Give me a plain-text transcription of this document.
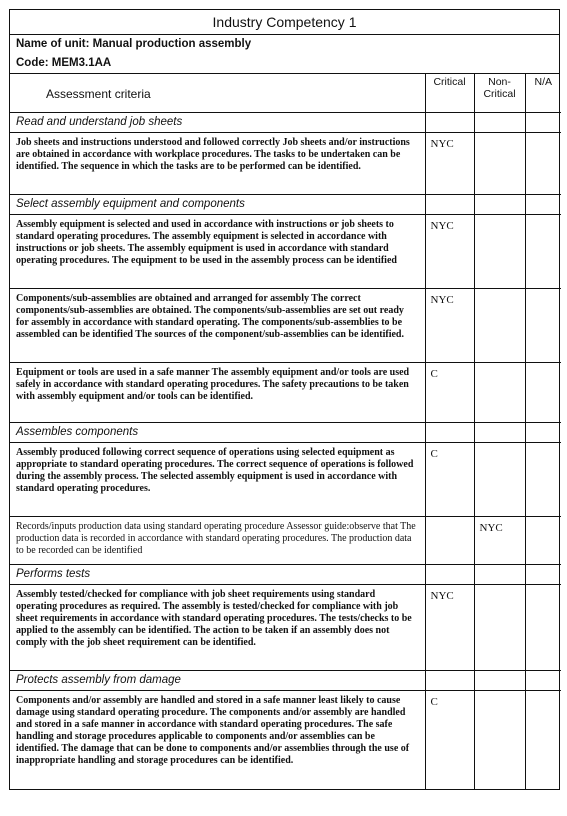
Industry Competency 1
Name of unit: Manual production assembly
Code: MEM3.1AA
Assessment criteria	Critical	Non-Critical	N/A
Read and understand job sheets			
Job sheets and instructions understood and followed correctly Job sheets and/or instructions are obtained in accordance with workplace procedures. The tasks to be undertaken can be identified. The sequence in which the tasks are to be performed can be identified.	NYC		
Select assembly equipment and components			
Assembly equipment is selected and used in accordance with instructions or job sheets to standard operating procedures. The assembly equipment is selected in accordance with instructions or job sheets. The assembly equipment is used in accordance with standard operating procedures. The equipment to be used in the assembly process can be identified	NYC		
Components/sub-assemblies are obtained and arranged for assembly The correct components/sub-assemblies are obtained. The components/sub-assemblies are set out ready for assembly in accordance with standard operating. The components/sub-assemblies to be assembled can be identified The sources of the component/sub-assemblies can be identified.	NYC		
Equipment or tools are used in a safe manner The assembly equipment and/or tools are used safely in accordance with standard operating procedures. The safety precautions to be taken with assembly equipment and/or tools can be identified.	C		
Assembles components			
Assembly produced following correct sequence of operations using selected equipment as appropriate to standard operating procedures. The correct sequence of operations is followed during the assembly process. The selected assembly equipment is used in accordance with standard operating procedures.	C		
Records/inputs production data using standard operating procedure Assessor guide:observe that The production data is recorded in accordance with standard operating procedures. The production data to be recorded can be identified		NYC	
Performs tests			
Assembly tested/checked for compliance with job sheet requirements using standard operating procedures as required. The assembly is tested/checked for compliance with job sheet requirements in accordance with standard operating procedures. The tests/checks to be applied to the assembly can be identified. The action to be taken if an assembly does not comply with the job sheet requirement can be identified.	NYC		
Protects assembly from damage			
Components and/or assembly are handled and stored in a safe manner least likely to cause damage using standard operating procedure. The components and/or assembly are handled and stored in a safe manner in accordance with standard operating procedures. The safe handling and storage procedures applicable to components and/or assemblies can be identified. The damage that can be done to components and/or assemblies through the use of inappropriate handling and storage procedures can be identified.	C		
